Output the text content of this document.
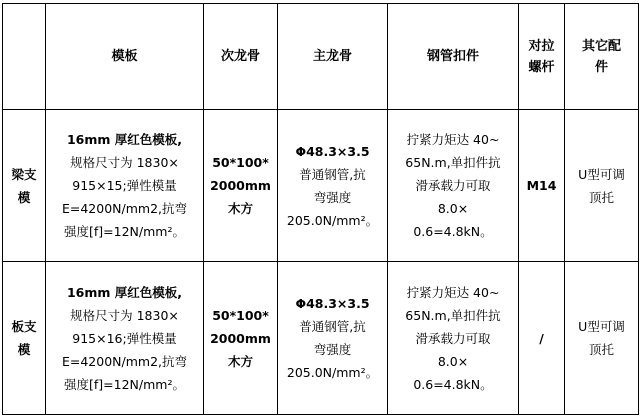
	模板	次龙骨	主龙骨	钢管扣件	对拉
螺杆	其它配
件

梁支
模	16mm 厚红色模板,
规格尺寸为 1830×
915×15;弹性模量
E=4200N/mm2,抗弯
强度[f]=12N/mm²。	50*100*
2000mm
木方	Φ48.3×3.5
普通钢管,抗
弯强度
205.0N/mm²。	拧紧力矩达 40~
65N.m,单扣件抗
滑承载力可取
8.0×
0.6=4.8kN。	M14	U型可调
顶托

板支
模	16mm 厚红色模板,
规格尺寸为 1830×
915×16;弹性模量
E=4200N/mm2,抗弯
强度[f]=12N/mm²。	50*100*
2000mm
木方	Φ48.3×3.5
普通钢管,抗
弯强度
205.0N/mm²。	拧紧力矩达 40~
65N.m,单扣件抗
滑承载力可取
8.0×
0.6=4.8kN。	/	U型可调
顶托
